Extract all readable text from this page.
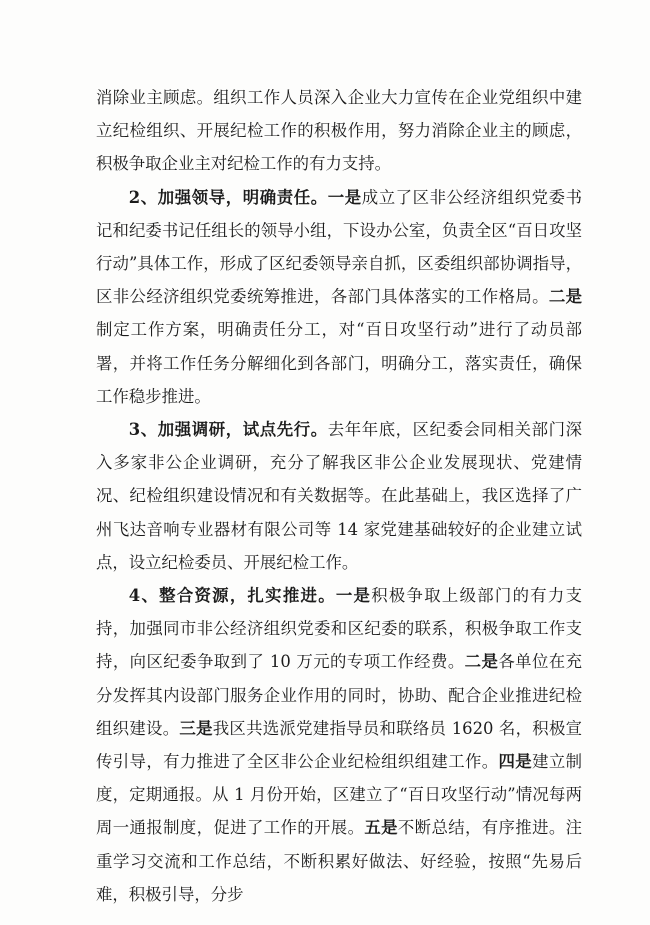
消除业主顾虑。组织工作人员深入企业大力宣传在企业党组织中建立纪检组织、开展纪检工作的积极作用，努力消除企业主的顾虑，积极争取企业主对纪检工作的有力支持。

2、加强领导，明确责任。一是成立了区非公经济组织党委书记和纪委书记任组长的领导小组，下设办公室，负责全区“百日攻坚行动”具体工作，形成了区纪委领导亲自抓，区委组织部协调指导，区非公经济组织党委统筹推进，各部门具体落实的工作格局。二是制定工作方案，明确责任分工，对“百日攻坚行动”进行了动员部署，并将工作任务分解细化到各部门，明确分工，落实责任，确保工作稳步推进。

3、加强调研，试点先行。去年年底，区纪委会同相关部门深入多家非公企业调研，充分了解我区非公企业发展现状、党建情况、纪检组织建设情况和有关数据等。在此基础上，我区选择了广州飞达音响专业器材有限公司等 14 家党建基础较好的企业建立试点，设立纪检委员、开展纪检工作。

4、整合资源，扎实推进。一是积极争取上级部门的有力支持，加强同市非公经济组织党委和区纪委的联系，积极争取工作支持，向区纪委争取到了 10 万元的专项工作经费。二是各单位在充分发挥其内设部门服务企业作用的同时，协助、配合企业推进纪检组织建设。三是我区共选派党建指导员和联络员 1620 名，积极宣传引导，有力推进了全区非公企业纪检组织组建工作。四是建立制度，定期通报。从 1 月份开始，区建立了“百日攻坚行动”情况每两周一通报制度，促进了工作的开展。五是不断总结，有序推进。注重学习交流和工作总结，不断积累好做法、好经验，按照“先易后难，积极引导，分步
